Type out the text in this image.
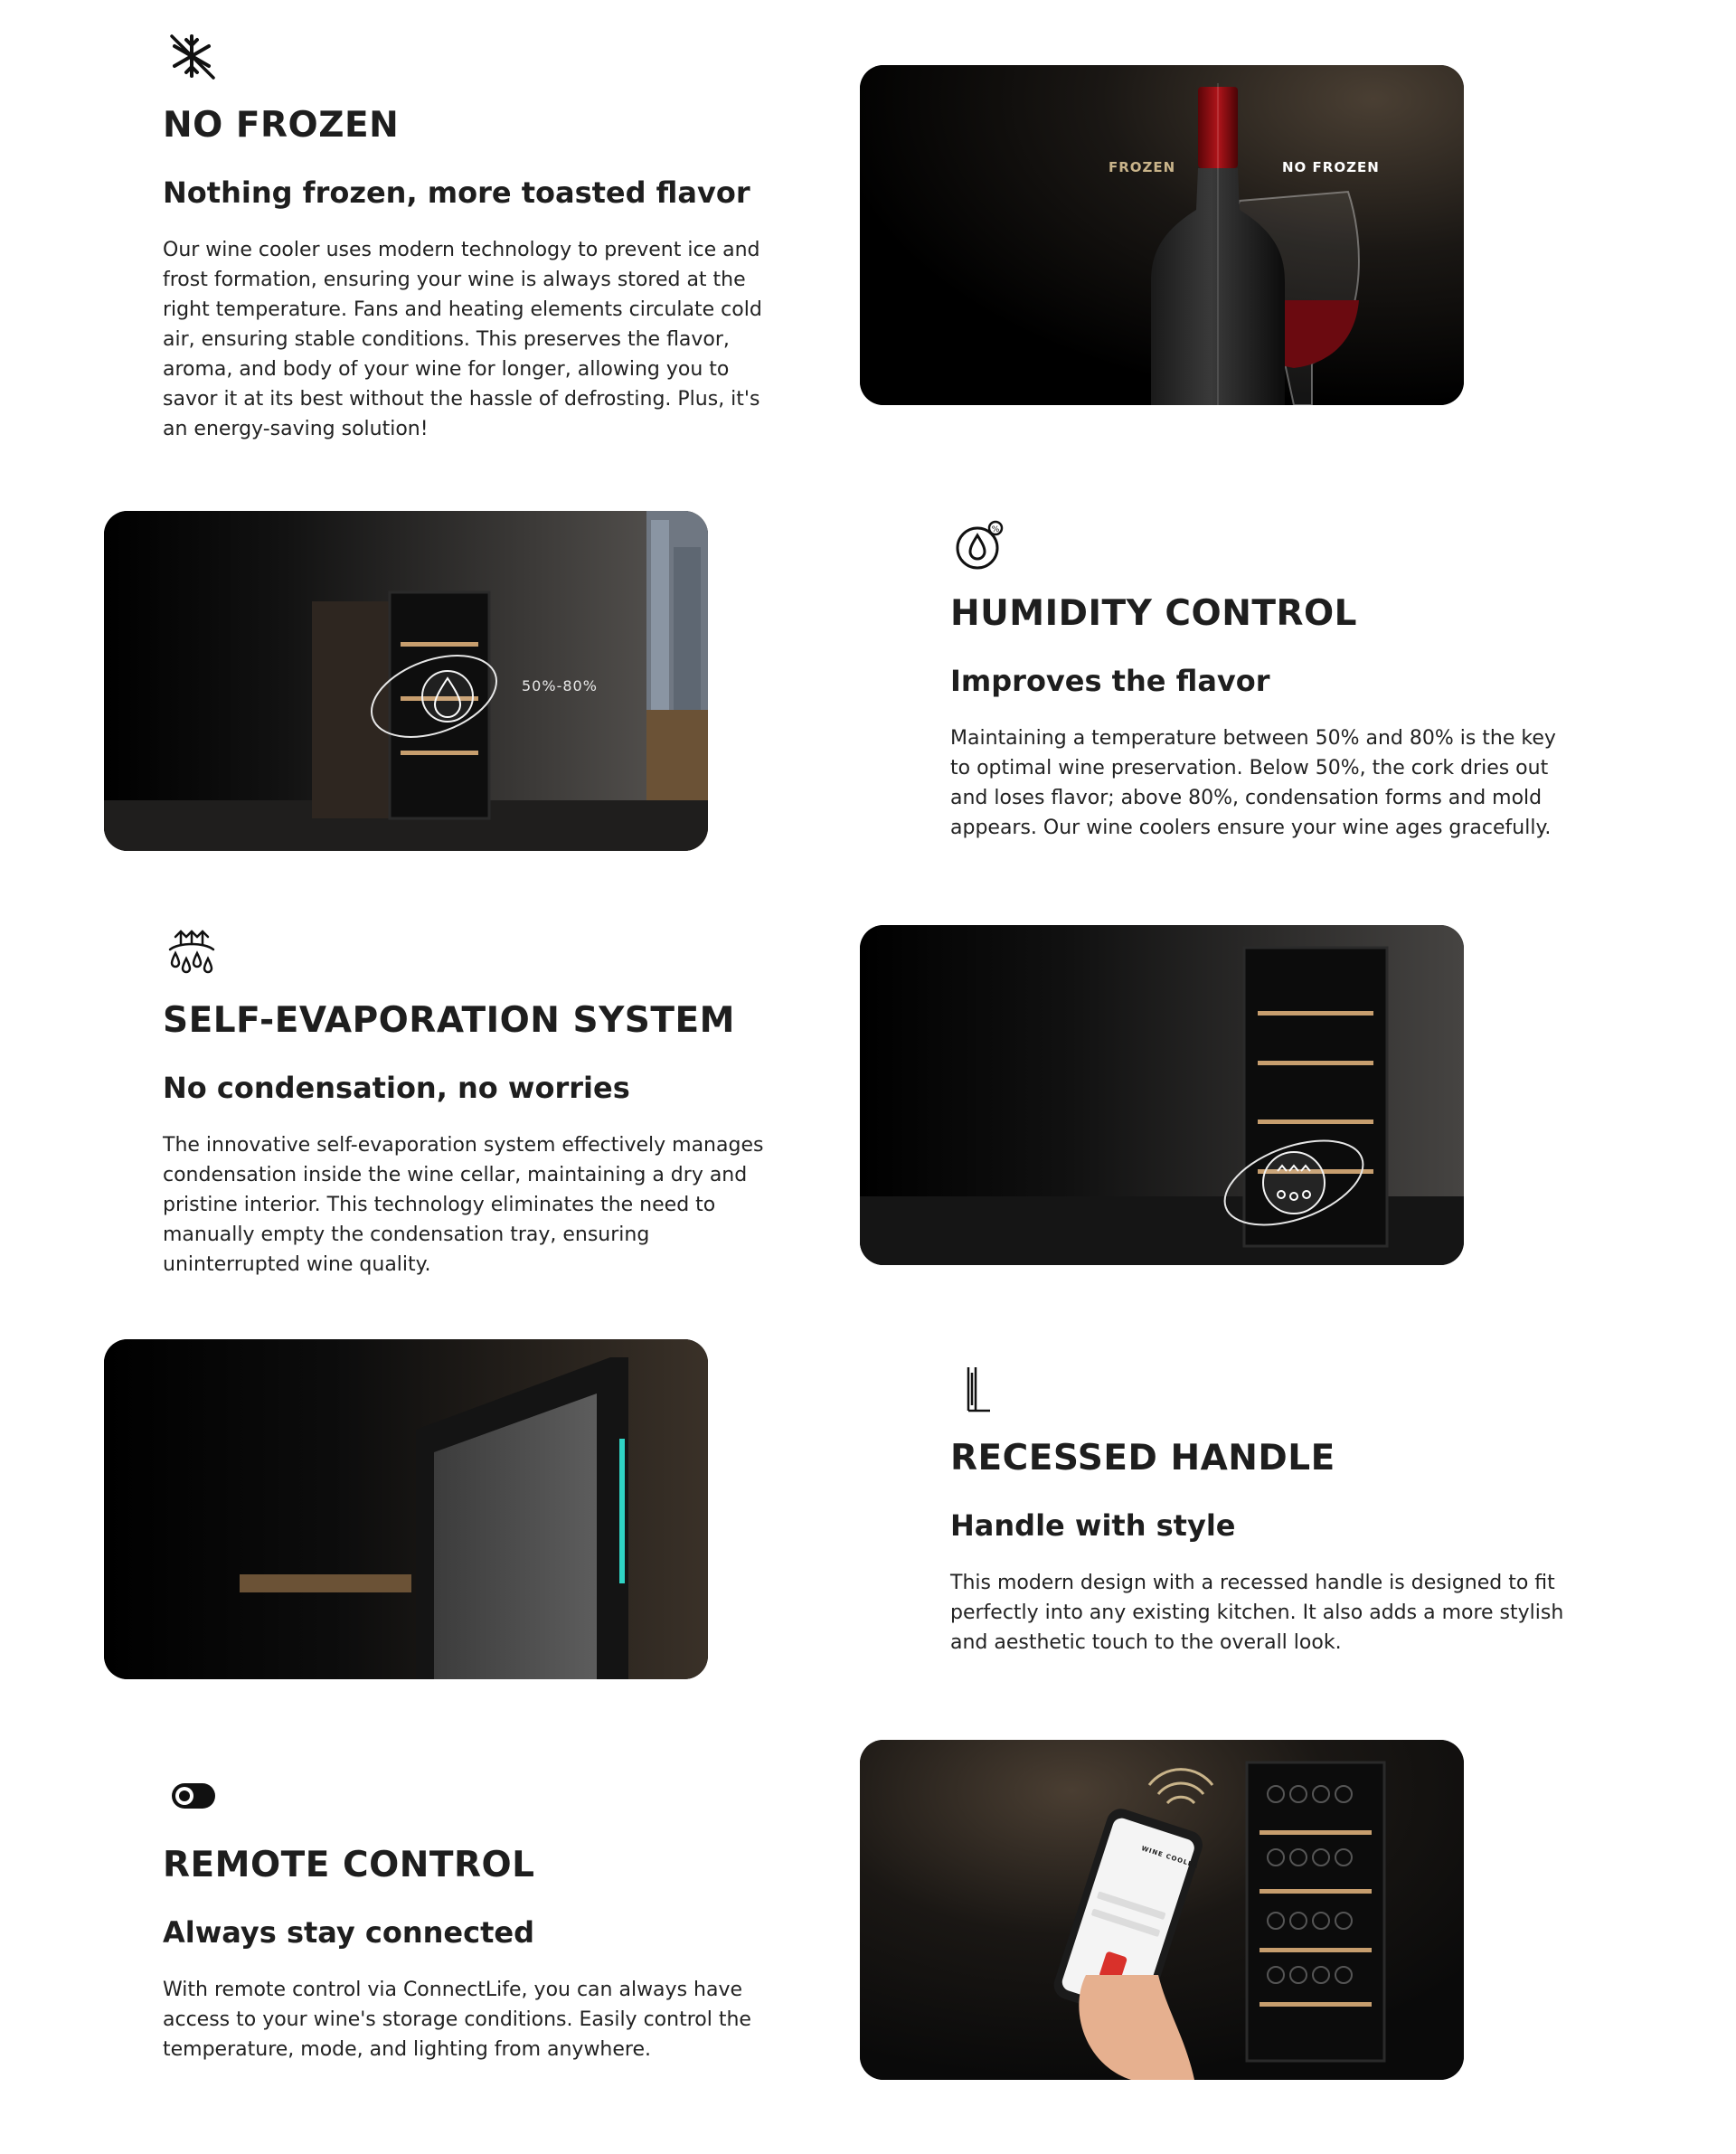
NO FROZEN
Nothing frozen, more toasted flavor

Our wine cooler uses modern technology to prevent ice and frost formation, ensuring your wine is always stored at the right temperature. Fans and heating elements circulate cold air, ensuring stable conditions. This preserves the flavor, aroma, and body of your wine for longer, allowing you to savor it at its best without the hassle of defrosting. Plus, it's an energy-saving solution!

FROZEN	NO FROZEN
50%-80%
%
HUMIDITY CONTROL
Improves the flavor

Maintaining a temperature between 50% and 80% is the key to optimal wine preservation. Below 50%, the cork dries out and loses flavor; above 80%, condensation forms and mold appears. Our wine coolers ensure your wine ages gracefully.

SELF-EVAPORATION SYSTEM
No condensation, no worries

The innovative self-evaporation system effectively manages condensation inside the wine cellar, maintaining a dry and pristine interior. This technology eliminates the need to manually empty the condensation tray, ensuring uninterrupted wine quality.

RECESSED HANDLE
Handle with style

This modern design with a recessed handle is designed to fit perfectly into any existing kitchen. It also adds a more stylish and aesthetic touch to the overall look.

REMOTE CONTROL
Always stay connected

With remote control via ConnectLife, you can always have access to your wine's storage conditions. Easily control the temperature, mode, and lighting from anywhere.

WINE COOLER
